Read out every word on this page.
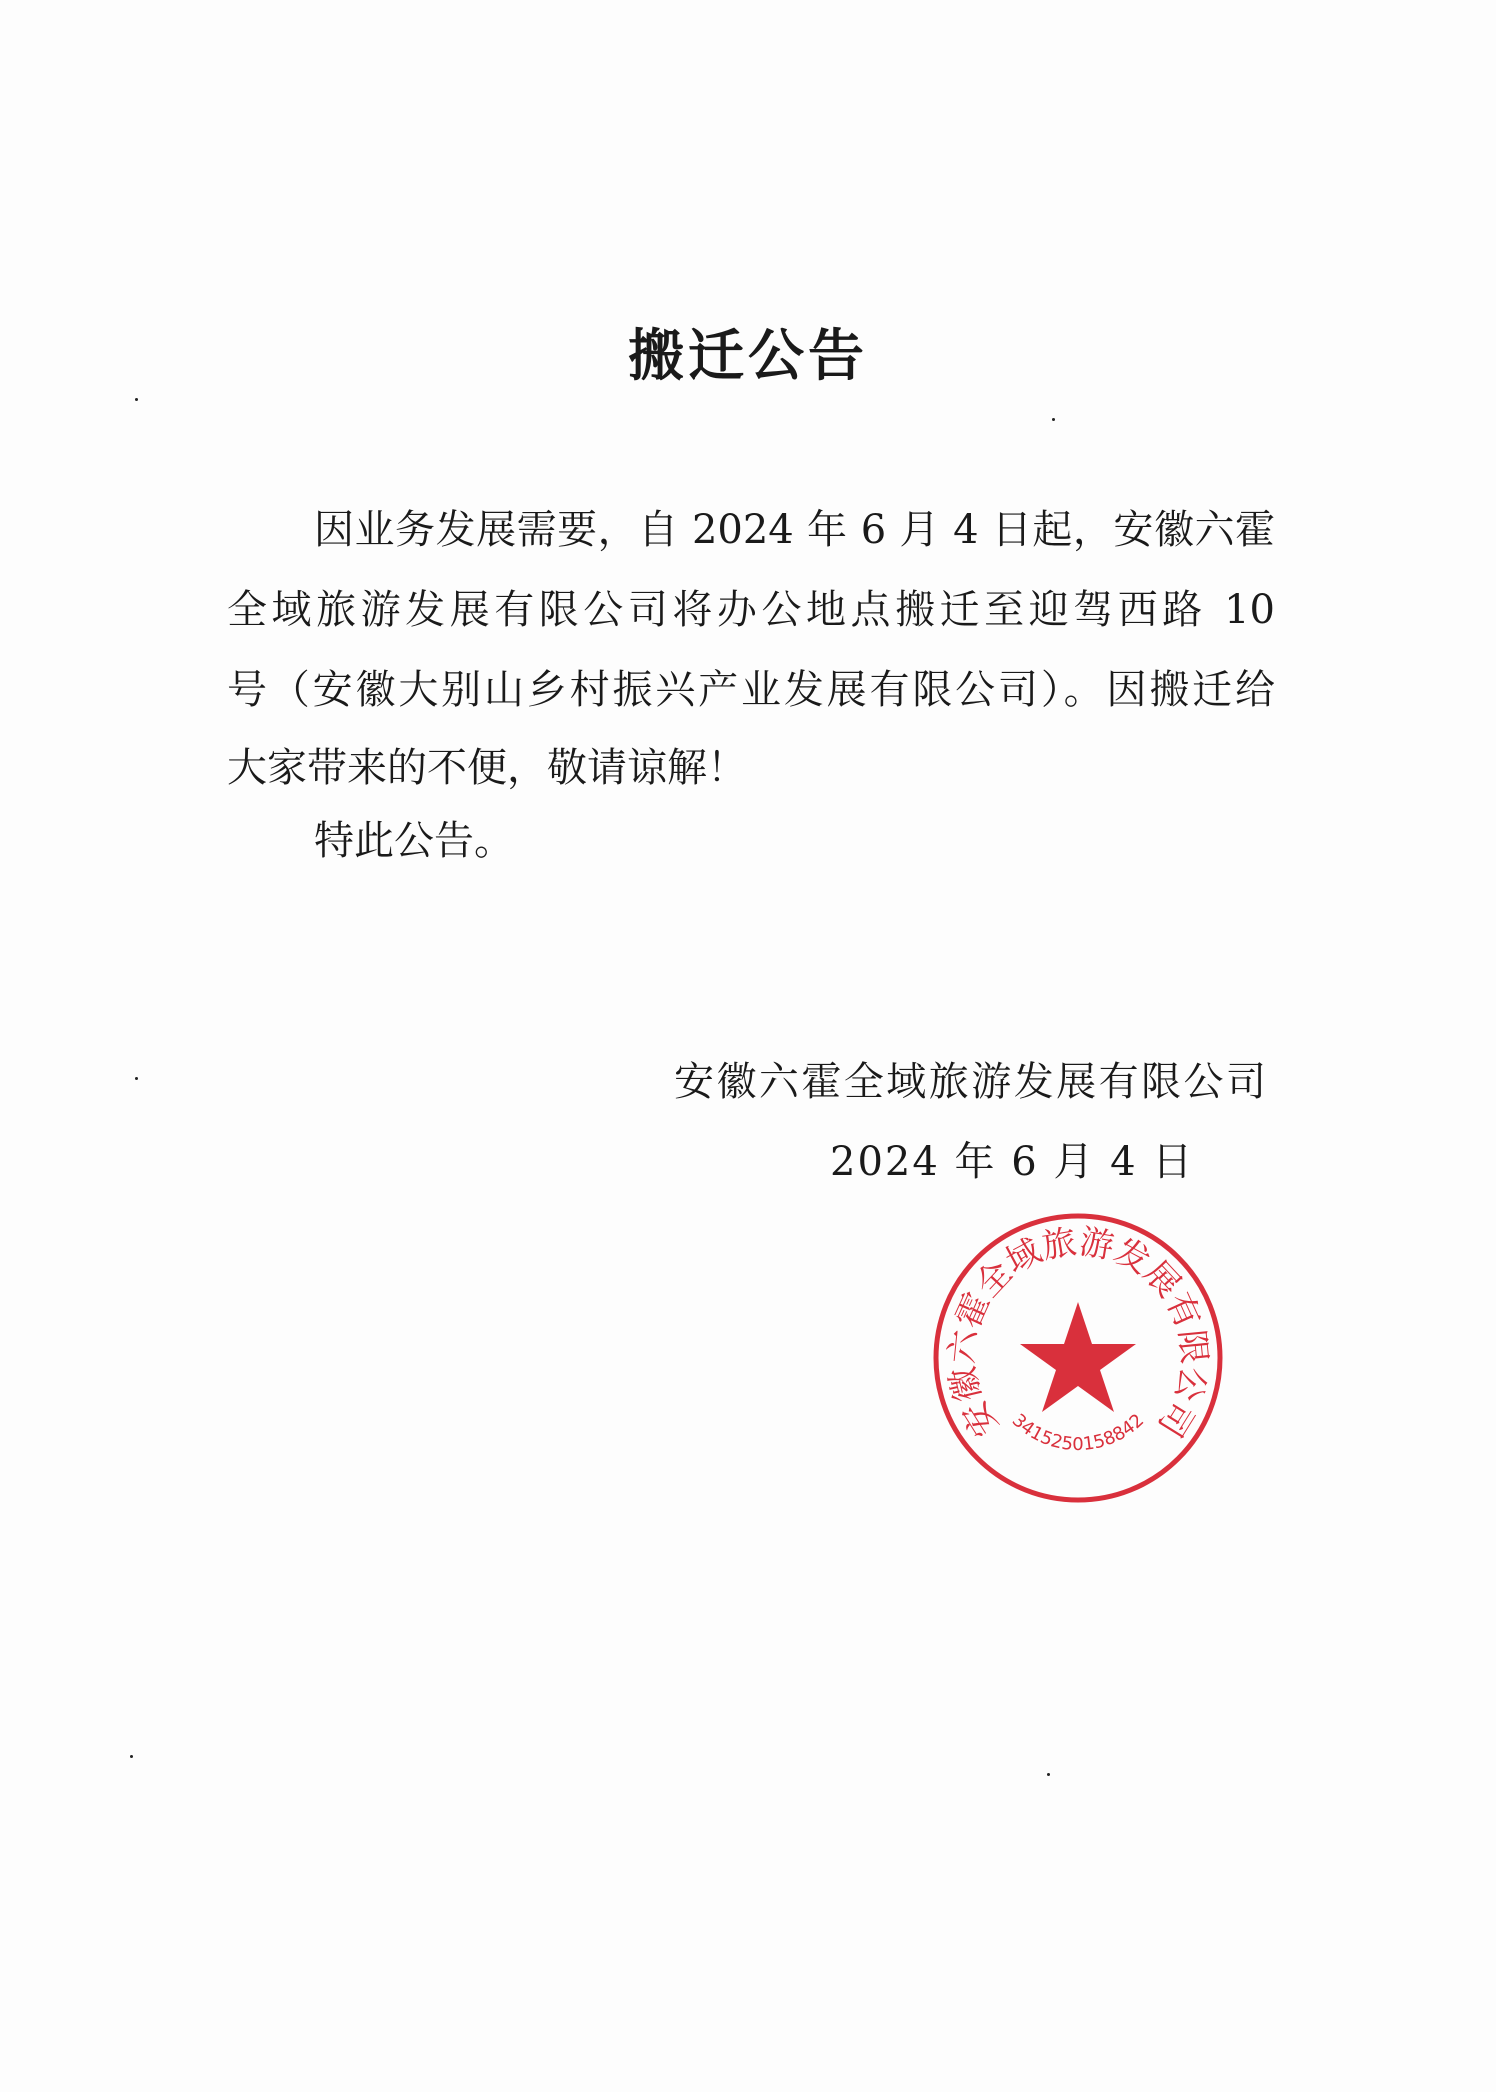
搬迁公告
因业务发展需要，自 2024 年 6 月 4 日起，安徽六霍
全域旅游发展有限公司将办公地点搬迁至迎驾西路 10
号（安徽大别山乡村振兴产业发展有限公司）。因搬迁给
大家带来的不便，敬请谅解！
特此公告。
安徽六霍全域旅游发展有限公司
2024 年 6 月 4 日
安徽六霍全域旅游发展有限公司
3415250158842
